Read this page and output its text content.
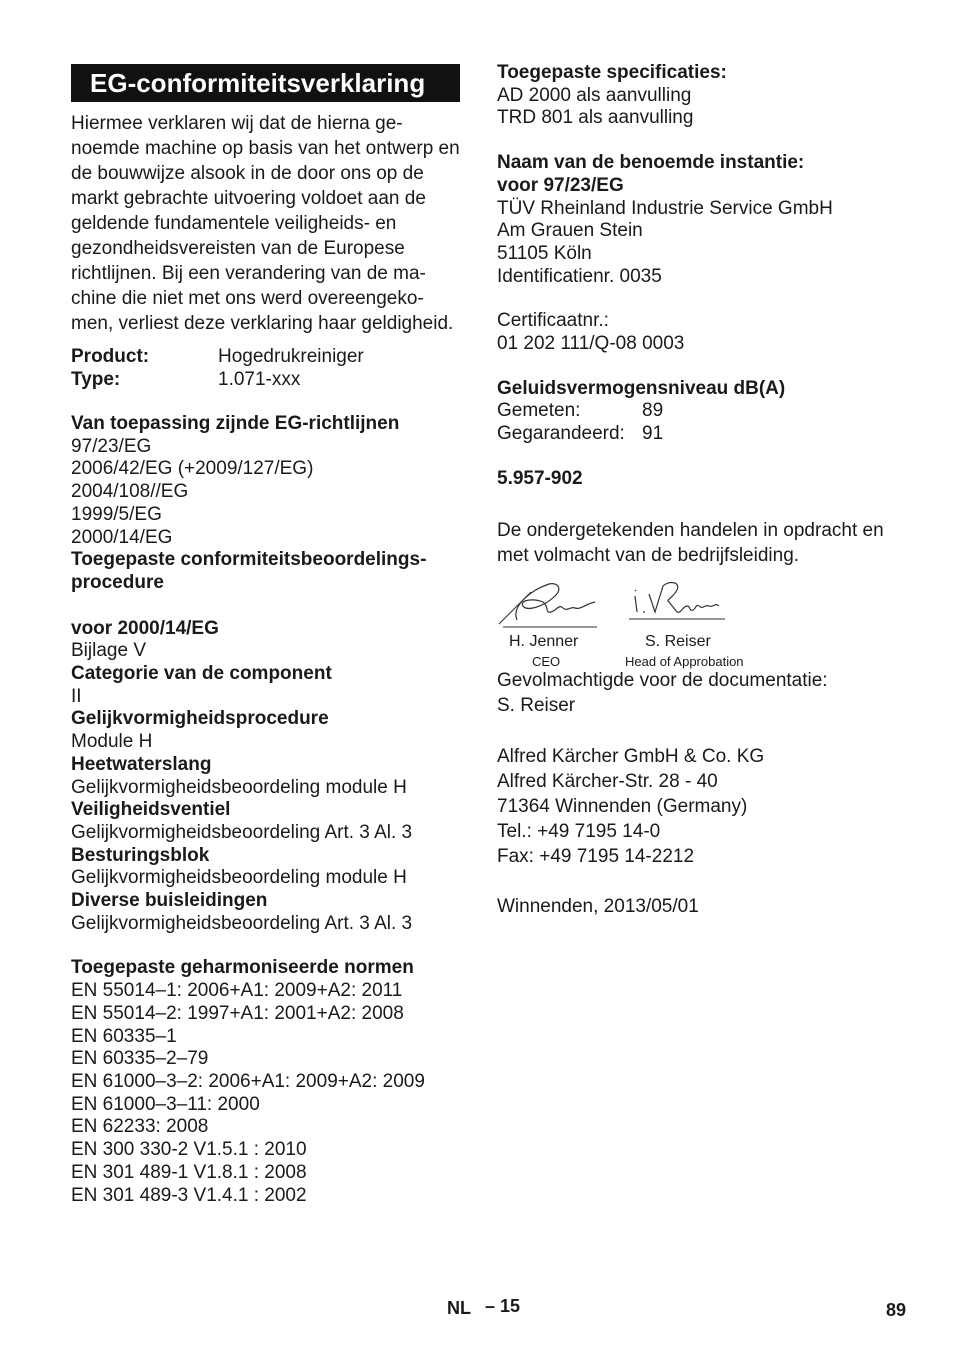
EG-conformiteitsverklaring
Hiermee verklaren wij dat de hierna ge-noemde machine op basis van het ontwerp en de bouwwijze alsook in de door ons op de markt gebrachte uitvoering voldoet aan de geldende fundamentele veiligheids- en gezondheidsvereisten van de Europese richtlijnen. Bij een verandering van de ma-chine die niet met ons werd overeengeko-men, verliest deze verklaring haar geldigheid.
Product:	Hogedrukreiniger
Type:	1.071-xxx
Van toepassing zijnde EG-richtlijnen
97/23/EG
2006/42/EG (+2009/127/EG)
2004/108//EG
1999/5/EG
2000/14/EG
Toegepaste conformiteitsbeoordelings-
procedure
voor 2000/14/EG
Bijlage V
Categorie van de component
II
Gelijkvormigheidsprocedure
Module H
Heetwaterslang
Gelijkvormigheidsbeoordeling module H
Veiligheidsventiel
Gelijkvormigheidsbeoordeling Art. 3 Al. 3
Besturingsblok
Gelijkvormigheidsbeoordeling module H
Diverse buisleidingen
Gelijkvormigheidsbeoordeling Art. 3 Al. 3
Toegepaste geharmoniseerde normen
EN 55014–1: 2006+A1: 2009+A2: 2011
EN 55014–2: 1997+A1: 2001+A2: 2008
EN 60335–1
EN 60335–2–79
EN 61000–3–2: 2006+A1: 2009+A2: 2009
EN 61000–3–11: 2000
EN 62233: 2008
EN 300 330-2 V1.5.1 : 2010
EN 301 489-1 V1.8.1 : 2008
EN 301 489-3 V1.4.1 : 2002
Toegepaste specificaties:
AD 2000 als aanvulling
TRD 801 als aanvulling
Naam van de benoemde instantie:
voor 97/23/EG
TÜV Rheinland Industrie Service GmbH
Am Grauen Stein
51105 Köln
Identificatienr. 0035
Certificaatnr.:
01 202 111/Q-08 0003
Geluidsvermogensniveau dB(A)
Gemeten:	89
Gegarandeerd: 91
5.957-902
De ondergetekenden handelen in opdracht en met volmacht van de bedrijfsleiding.
H. Jenner
CEO
S. Reiser
Head of Approbation
Gevolmachtigde voor de documentatie:
S. Reiser
Alfred Kärcher GmbH & Co. KG
Alfred Kärcher-Str. 28 - 40
71364 Winnenden (Germany)
Tel.: +49 7195 14-0
Fax: +49 7195 14-2212
Winnenden, 2013/05/01
NL – 15	89
